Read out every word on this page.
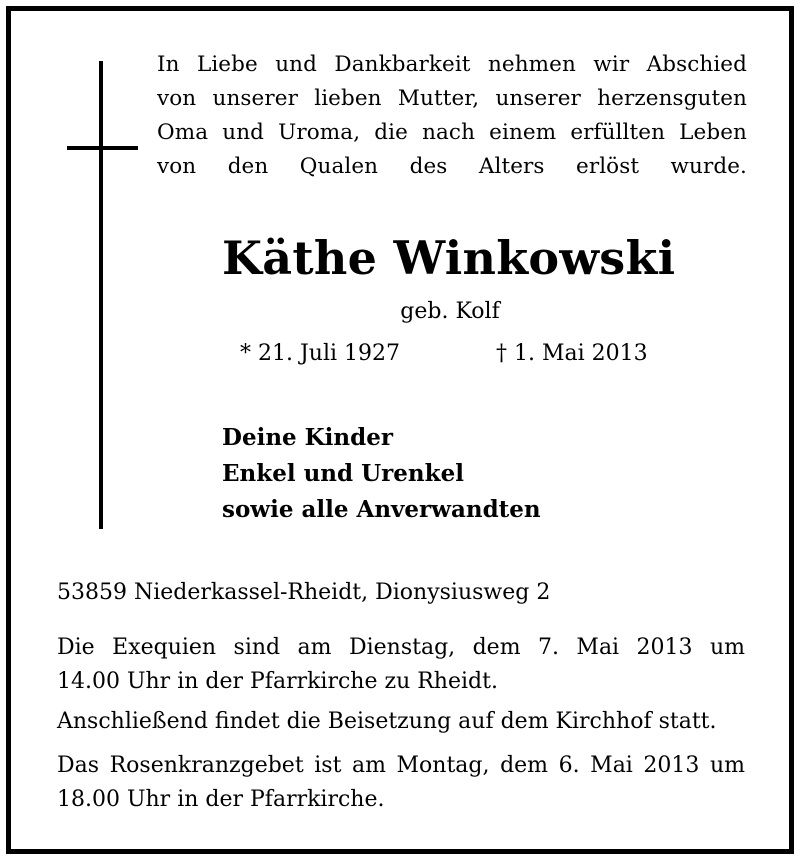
In Liebe und Dankbarkeit nehmen wir Abschied
von unserer lieben Mutter, unserer herzensguten
Oma und Uroma, die nach einem erfüllten Leben
von den Qualen des Alters erlöst wurde.
Käthe Winkowski
geb. Kolf
* 21. Juli 1927	† 1. Mai 2013
Deine Kinder
Enkel und Urenkel
sowie alle Anverwandten
53859 Niederkassel-Rheidt, Dionysiusweg 2
Die Exequien sind am Dienstag, dem 7. Mai 2013 um
14.00 Uhr in der Pfarrkirche zu Rheidt.
Anschließend findet die Beisetzung auf dem Kirchhof statt.
Das Rosenkranzgebet ist am Montag, dem 6. Mai 2013 um
18.00 Uhr in der Pfarrkirche.
